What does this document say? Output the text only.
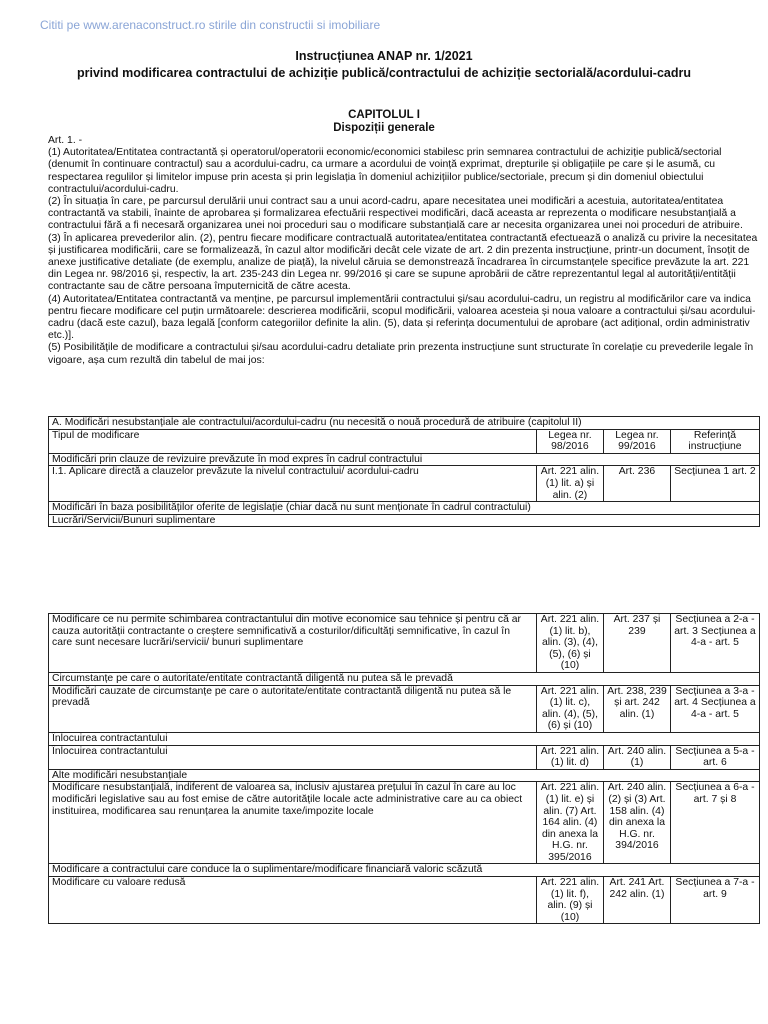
Cititi pe www.arenaconstruct.ro stirile din constructii si imobiliare
Instrucțiunea ANAP nr. 1/2021
privind modificarea contractului de achiziție publică/contractului de achiziție sectorială/acordului-cadru
CAPITOLUL I
Dispoziții generale

Art. 1. -

(1) Autoritatea/Entitatea contractantă și operatorul/operatorii economic/economici stabilesc prin semnarea contractului de achiziție publică/sectorial (denumit în continuare contractul) sau a acordului-cadru, ca urmare a acordului de voință exprimat, drepturile și obligațiile pe care și le asumă, cu respectarea regulilor și limitelor impuse prin acesta și prin legislația în domeniul achizițiilor publice/sectoriale, precum și din domeniul obiectului contractului/acordului-cadru.

(2) În situația în care, pe parcursul derulării unui contract sau a unui acord-cadru, apare necesitatea unei modificări a acestuia, autoritatea/entitatea contractantă va stabili, înainte de aprobarea și formalizarea efectuării respectivei modificări, dacă aceasta ar reprezenta o modificare nesubstanțială a contractului fără a fi necesară organizarea unei noi proceduri sau o modificare substanțială care ar necesita organizarea unei noi proceduri de atribuire.

(3) În aplicarea prevederilor alin. (2), pentru fiecare modificare contractuală autoritatea/entitatea contractantă efectuează o analiză cu privire la necesitatea și justificarea modificării, care se formalizează, în cazul altor modificări decât cele vizate de art. 2 din prezenta instrucțiune, printr-un document, însoțit de anexe justificative detaliate (de exemplu, analize de piață), la nivelul căruia se demonstrează încadrarea în circumstanțele specifice prevăzute la art. 221 din Legea nr. 98/2016 și, respectiv, la art. 235-243 din Legea nr. 99/2016 și care se supune aprobării de către reprezentantul legal al autorității/entității contractante sau de către persoana împuternicită de către acesta.

(4) Autoritatea/Entitatea contractantă va menține, pe parcursul implementării contractului și/sau acordului-cadru, un registru al modificărilor care va indica pentru fiecare modificare cel puțin următoarele: descrierea modificării, scopul modificării, valoarea acesteia și noua valoare a contractului și/sau acordului-cadru (dacă este cazul), baza legală [conform categoriilor definite la alin. (5), data și referința documentului de aprobare (act adițional, ordin administrativ etc.)].

(5) Posibilitățile de modificare a contractului și/sau acordului-cadru detaliate prin prezenta instrucțiune sunt structurate în corelație cu prevederile legale în vigoare, așa cum rezultă din tabelul de mai jos:

A. Modificări nesubstanțiale ale contractului/acordului-cadru (nu necesită o nouă procedură de atribuire (capitolul II)			
Tipul de modificare	Legea nr. 98/2016	Legea nr. 99/2016	Referință instrucțiune
Modificări prin clauze de revizuire prevăzute în mod expres în cadrul contractului			
I.1. Aplicare directă a clauzelor prevăzute la nivelul contractului/ acordului-cadru	Art. 221 alin. (1) lit. a) și alin. (2)	Art. 236	Secțiunea 1 art. 2
Modificări în baza posibilităților oferite de legislație (chiar dacă nu sunt menționate în cadrul contractului)			
Lucrări/Servicii/Bunuri suplimentare			
Modificare ce nu permite schimbarea contractantului din motive economice sau tehnice și pentru că ar cauza autorității contractante o creștere semnificativă a costurilor/dificultăți semnificative, în cazul în care sunt necesare lucrări/servicii/ bunuri suplimentare	Art. 221 alin. (1) lit. b), alin. (3), (4), (5), (6) și (10)	Art. 237 și 239	Secțiunea a 2-a - art. 3 Secțiunea a 4-a - art. 5
Circumstanțe pe care o autoritate/entitate contractantă diligentă nu putea să le prevadă			
Modificări cauzate de circumstanțe pe care o autoritate/entitate contractantă diligentă nu putea să le prevadă	Art. 221 alin. (1) lit. c), alin. (4), (5), (6) și (10)	Art. 238, 239 și art. 242 alin. (1)	Secțiunea a 3-a - art. 4 Secțiunea a 4-a - art. 5
Înlocuirea contractantului			
Înlocuirea contractantului	Art. 221 alin. (1) lit. d)	Art. 240 alin. (1)	Secțiunea a 5-a - art. 6
Alte modificări nesubstanțiale			
Modificare nesubstanțială, indiferent de valoarea sa, inclusiv ajustarea prețului în cazul în care au loc modificări legislative sau au fost emise de către autoritățile locale acte administrative care au ca obiect instituirea, modificarea sau renunțarea la anumite taxe/impozite locale	Art. 221 alin. (1) lit. e) și alin. (7) Art. 164 alin. (4) din anexa la H.G. nr. 395/2016	Art. 240 alin. (2) și (3) Art. 158 alin. (4) din anexa la H.G. nr. 394/2016	Secțiunea a 6-a - art. 7 și 8
Modificare a contractului care conduce la o suplimentare/modificare financiară valoric scăzută			
Modificare cu valoare redusă	Art. 221 alin. (1) lit. f), alin. (9) și (10)	Art. 241 Art. 242 alin. (1)	Secțiunea a 7-a - art. 9
